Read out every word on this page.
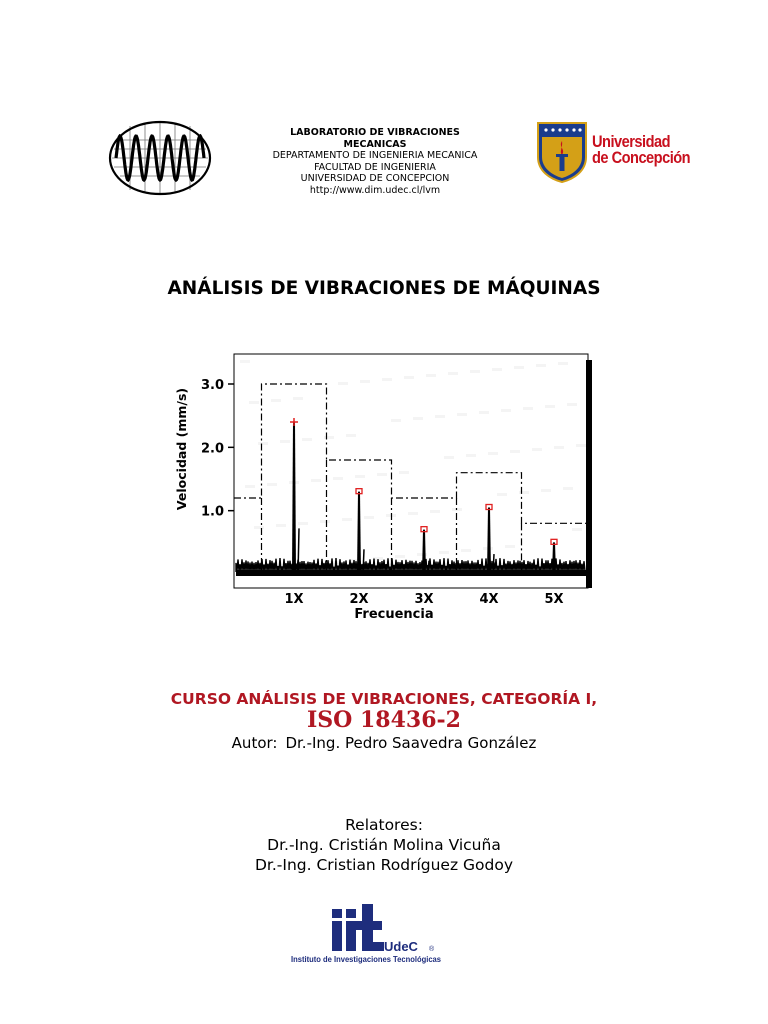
LABORATORIO DE VIBRACIONES
MECANICAS
DEPARTAMENTO DE INGENIERIA MECANICA
FACULTAD DE INGENIERIA
UNIVERSIDAD DE CONCEPCION
http://www.dim.udec.cl/lvm
Universidad
de Concepción
ANÁLISIS DE VIBRACIONES DE MÁQUINAS
1.0
2.0
3.0
1X	2X	3X	4X	5X
Velocidad (mm/s)
Frecuencia
CURSO ANÁLISIS DE VIBRACIONES, CATEGORÍA I,
ISO 18436-2
Autor: Dr.-Ing. Pedro Saavedra González
Relatores:
Dr.-Ing. Cristián Molina Vicuña
Dr.-Ing. Cristian Rodríguez Godoy
UdeC ®
Instituto de Investigaciones Tecnológicas
